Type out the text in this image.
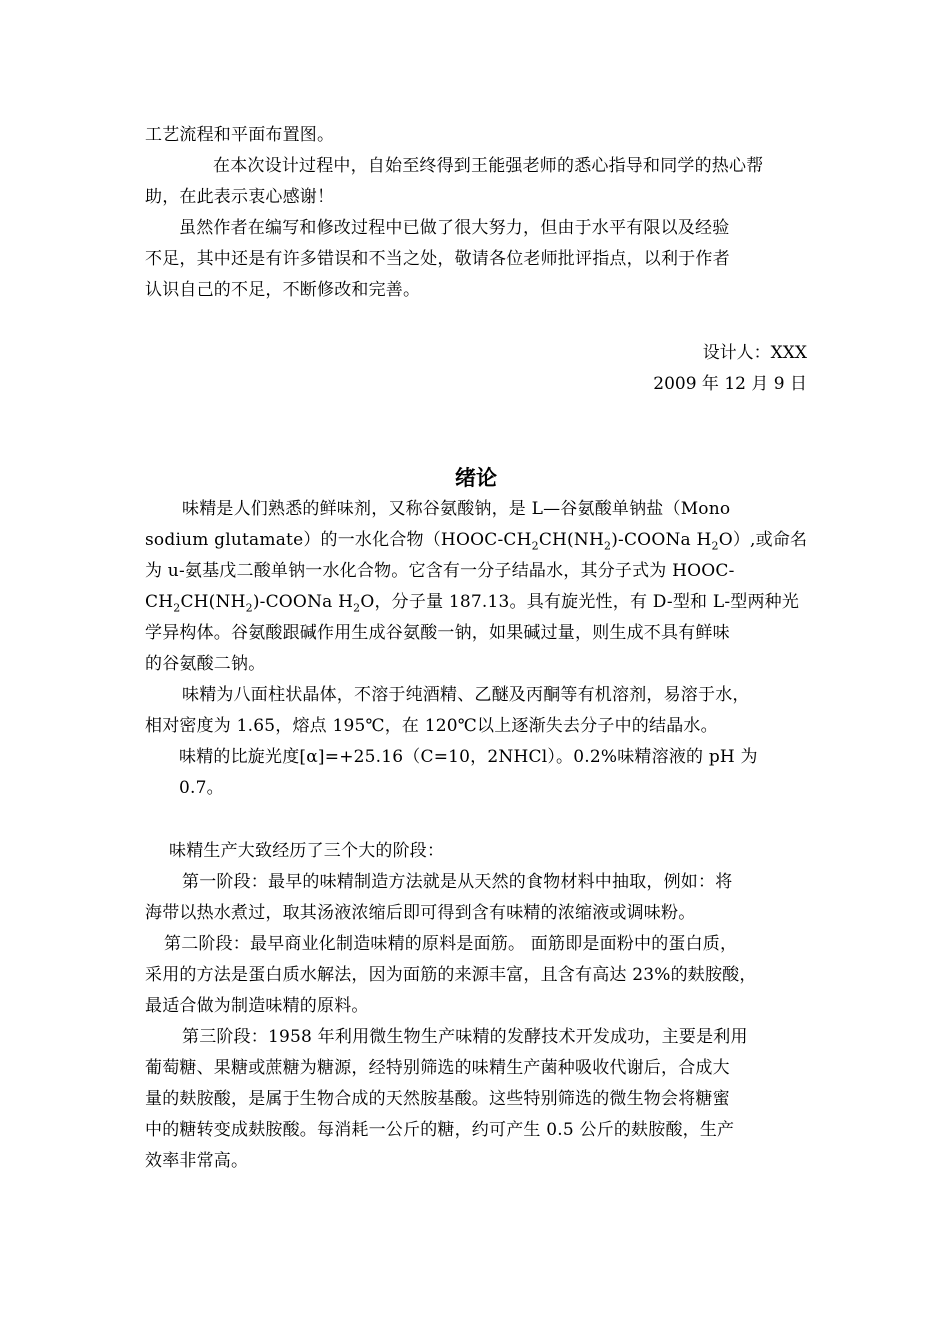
工艺流程和平面布置图。
在本次设计过程中，自始至终得到王能强老师的悉心指导和同学的热心帮
助，在此表示衷心感谢！
虽然作者在编写和修改过程中已做了很大努力，但由于水平有限以及经验
不足，其中还是有许多错误和不当之处，敬请各位老师批评指点，以利于作者
认识自己的不足，不断修改和完善。
设计人：XXX
2009 年 12 月 9 日
绪论
味精是人们熟悉的鲜味剂，又称谷氨酸钠，是 L—谷氨酸单钠盐（Mono
sodium glutamate）的一水化合物（$HOOC-CH_2CH(NH_2)$-COONa $H_2O$）,或命名
为 u-氨基戊二酸单钠一水化合物。它含有一分子结晶水，其分子式为 HOOC-
$CH_2CH(NH_2)$-COONa $H_2O$，分子量 187.13。具有旋光性，有 D-型和 L-型两种光
学异构体。谷氨酸跟碱作用生成谷氨酸一钠，如果碱过量，则生成不具有鲜味
的谷氨酸二钠。
味精为八面柱状晶体，不溶于纯酒精、乙醚及丙酮等有机溶剂，易溶于水，
相对密度为 1.65，熔点 195℃，在 120℃以上逐渐失去分子中的结晶水。
味精的比旋光度[α]=+25.16（C=10，2NHCl）。0.2%味精溶液的 pH 为
0.7。
味精生产大致经历了三个大的阶段：
第一阶段：最早的味精制造方法就是从天然的食物材料中抽取，例如：将
海带以热水煮过，取其汤液浓缩后即可得到含有味精的浓缩液或调味粉。
第二阶段：最早商业化制造味精的原料是面筋。 面筋即是面粉中的蛋白质，
采用的方法是蛋白质水解法，因为面筋的来源丰富，且含有高达 23%的麸胺酸，
最适合做为制造味精的原料。
第三阶段：1958 年利用微生物生产味精的发酵技术开发成功，主要是利用
葡萄糖、果糖或蔗糖为糖源，经特别筛选的味精生产菌种吸收代谢后，合成大
量的麸胺酸，是属于生物合成的天然胺基酸。这些特别筛选的微生物会将糖蜜
中的糖转变成麸胺酸。每消耗一公斤的糖，约可产生 0.5 公斤的麸胺酸，生产
效率非常高。
